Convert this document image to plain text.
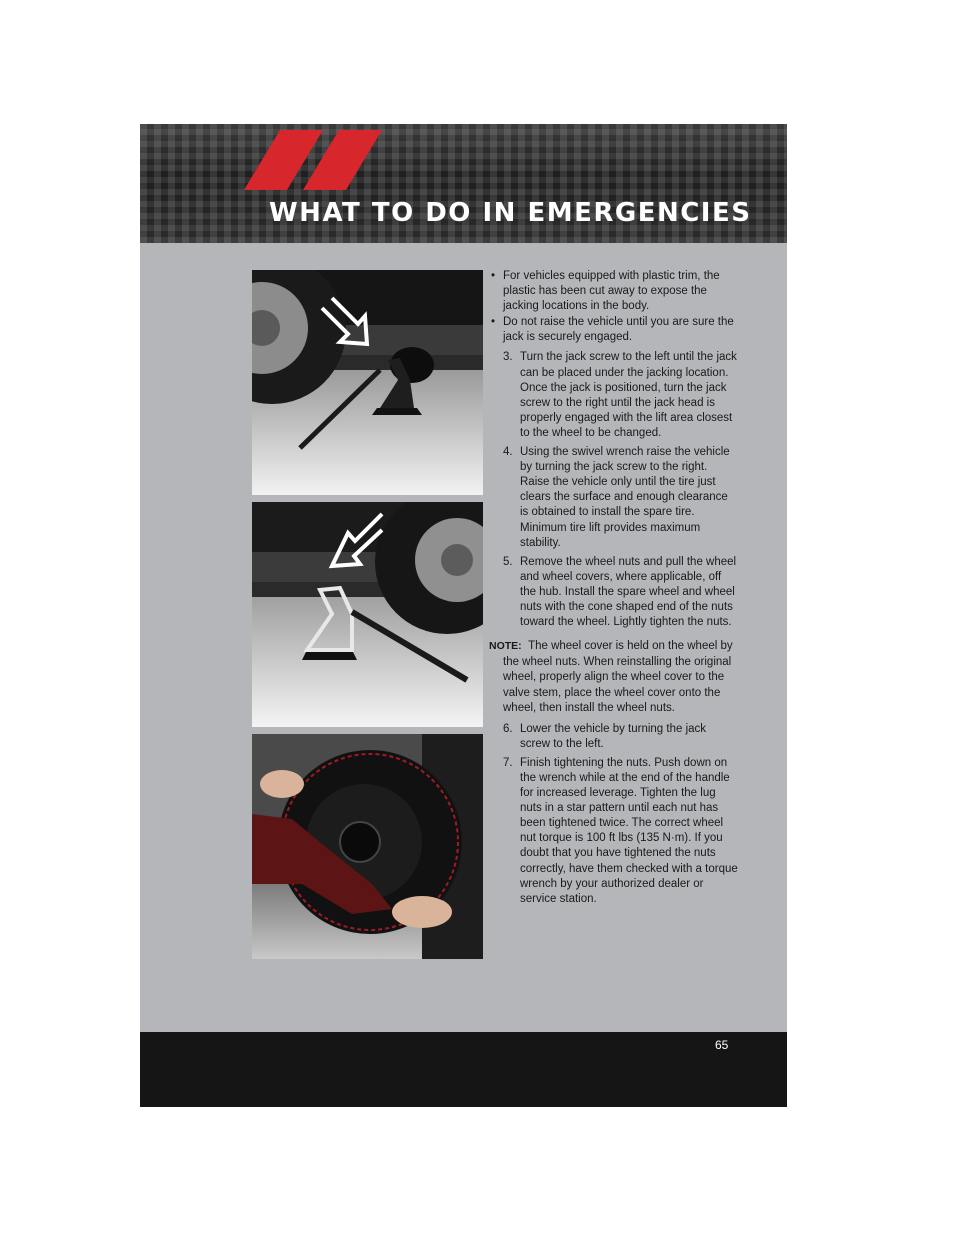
WHAT TO DO IN EMERGENCIES
• For vehicles equipped with plastic trim, the plastic has been cut away to expose the jacking locations in the body.
• Do not raise the vehicle until you are sure the jack is securely engaged.
3. Turn the jack screw to the left until the jack can be placed under the jacking location. Once the jack is positioned, turn the jack screw to the right until the jack head is properly engaged with the lift area closest to the wheel to be changed.
4. Using the swivel wrench raise the vehicle by turning the jack screw to the right. Raise the vehicle only until the tire just clears the surface and enough clearance is obtained to install the spare tire. Minimum tire lift provides maximum stability.
5. Remove the wheel nuts and pull the wheel and wheel covers, where applicable, off the hub. Install the spare wheel and wheel nuts with the cone shaped end of the nuts toward the wheel. Lightly tighten the nuts.
NOTE: The wheel cover is held on the wheel by the wheel nuts. When reinstalling the original wheel, properly align the wheel cover to the valve stem, place the wheel cover onto the wheel, then install the wheel nuts.
6. Lower the vehicle by turning the jack screw to the left.
7. Finish tightening the nuts. Push down on the wrench while at the end of the handle for increased leverage. Tighten the lug nuts in a star pattern until each nut has been tightened twice. The correct wheel nut torque is 100 ft lbs (135 N·m). If you doubt that you have tightened the nuts correctly, have them checked with a torque wrench by your authorized dealer or service station.
65
